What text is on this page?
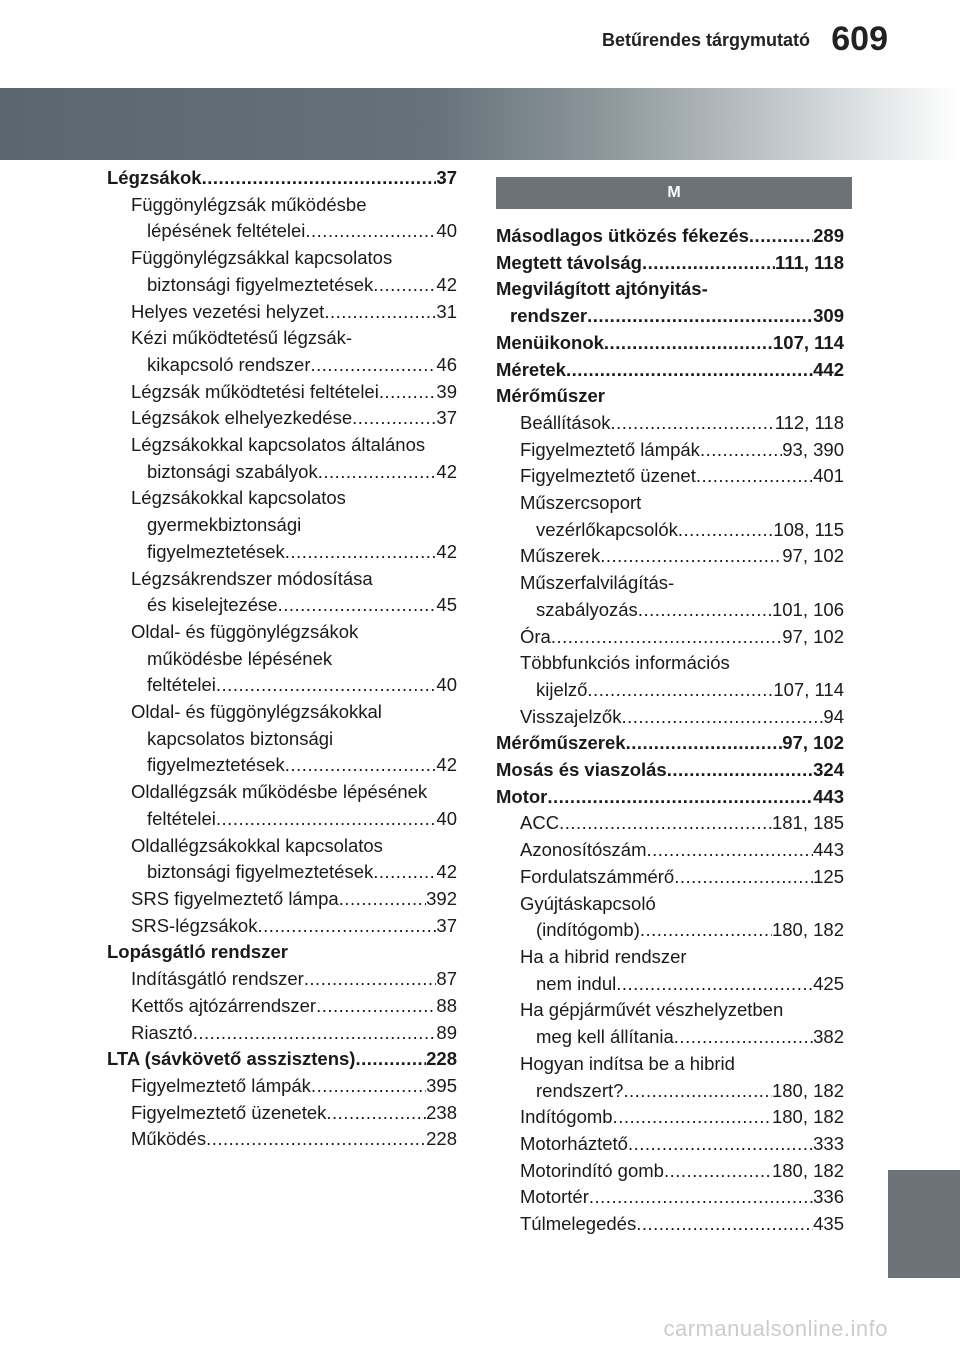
Betűrendes tárgymutató 609
Légzsákok .....	37
Függönylégzsák működésbe
lépésének feltételei .....	40
Függönylégzsákkal kapcsolatos
biztonsági figyelmeztetések .....	42
Helyes vezetési helyzet .....	31
Kézi működtetésű légzsák-
kikapcsoló rendszer .....	46
Légzsák működtetési feltételei .....	39
Légzsákok elhelyezkedése .....	37
Légzsákokkal kapcsolatos általános
biztonsági szabályok .....	42
Légzsákokkal kapcsolatos
gyermekbiztonsági
figyelmeztetések .....	42
Légzsákrendszer módosítása
és kiselejtezése .....	45
Oldal- és függönylégzsákok
működésbe lépésének
feltételei .....	40
Oldal- és függönylégzsákokkal
kapcsolatos biztonsági
figyelmeztetések .....	42
Oldallégzsák működésbe lépésének
feltételei .....	40
Oldallégzsákokkal kapcsolatos
biztonsági figyelmeztetések .....	42
SRS figyelmeztető lámpa .....	392
SRS-légzsákok .....	37
Lopásgátló rendszer
Indításgátló rendszer .....	87
Kettős ajtózárrendszer .....	88
Riasztó .....	89
LTA (sávkövető asszisztens) .....	228
Figyelmeztető lámpák .....	395
Figyelmeztető üzenetek .....	238
Működés .....	228
M
Másodlagos ütközés fékezés .....	289
Megtett távolság .....	111, 118
Megvilágított ajtónyitás-
rendszer .....	309
Menüikonok .....	107, 114
Méretek .....	442
Mérőműszer
Beállítások .....	112, 118
Figyelmeztető lámpák .....	93, 390
Figyelmeztető üzenet .....	401
Műszercsoport
vezérlőkapcsolók .....	108, 115
Műszerek .....	97, 102
Műszerfalvilágítás-
szabályozás .....	101, 106
Óra .....	97, 102
Többfunkciós információs
kijelző .....	107, 114
Visszajelzők .....	94
Mérőműszerek .....	97, 102
Mosás és viaszolás .....	324
Motor .....	443
ACC .....	181, 185
Azonosítószám .....	443
Fordulatszámmérő .....	125
Gyújtáskapcsoló
(indítógomb) .....	180, 182
Ha a hibrid rendszer
nem indul .....	425
Ha gépjárművét vészhelyzetben
meg kell állítania .....	382
Hogyan indítsa be a hibrid
rendszert? .....	180, 182
Indítógomb .....	180, 182
Motorháztető .....	333
Motorindító gomb .....	180, 182
Motortér .....	336
Túlmelegedés .....	435
carmanualsonline.info
